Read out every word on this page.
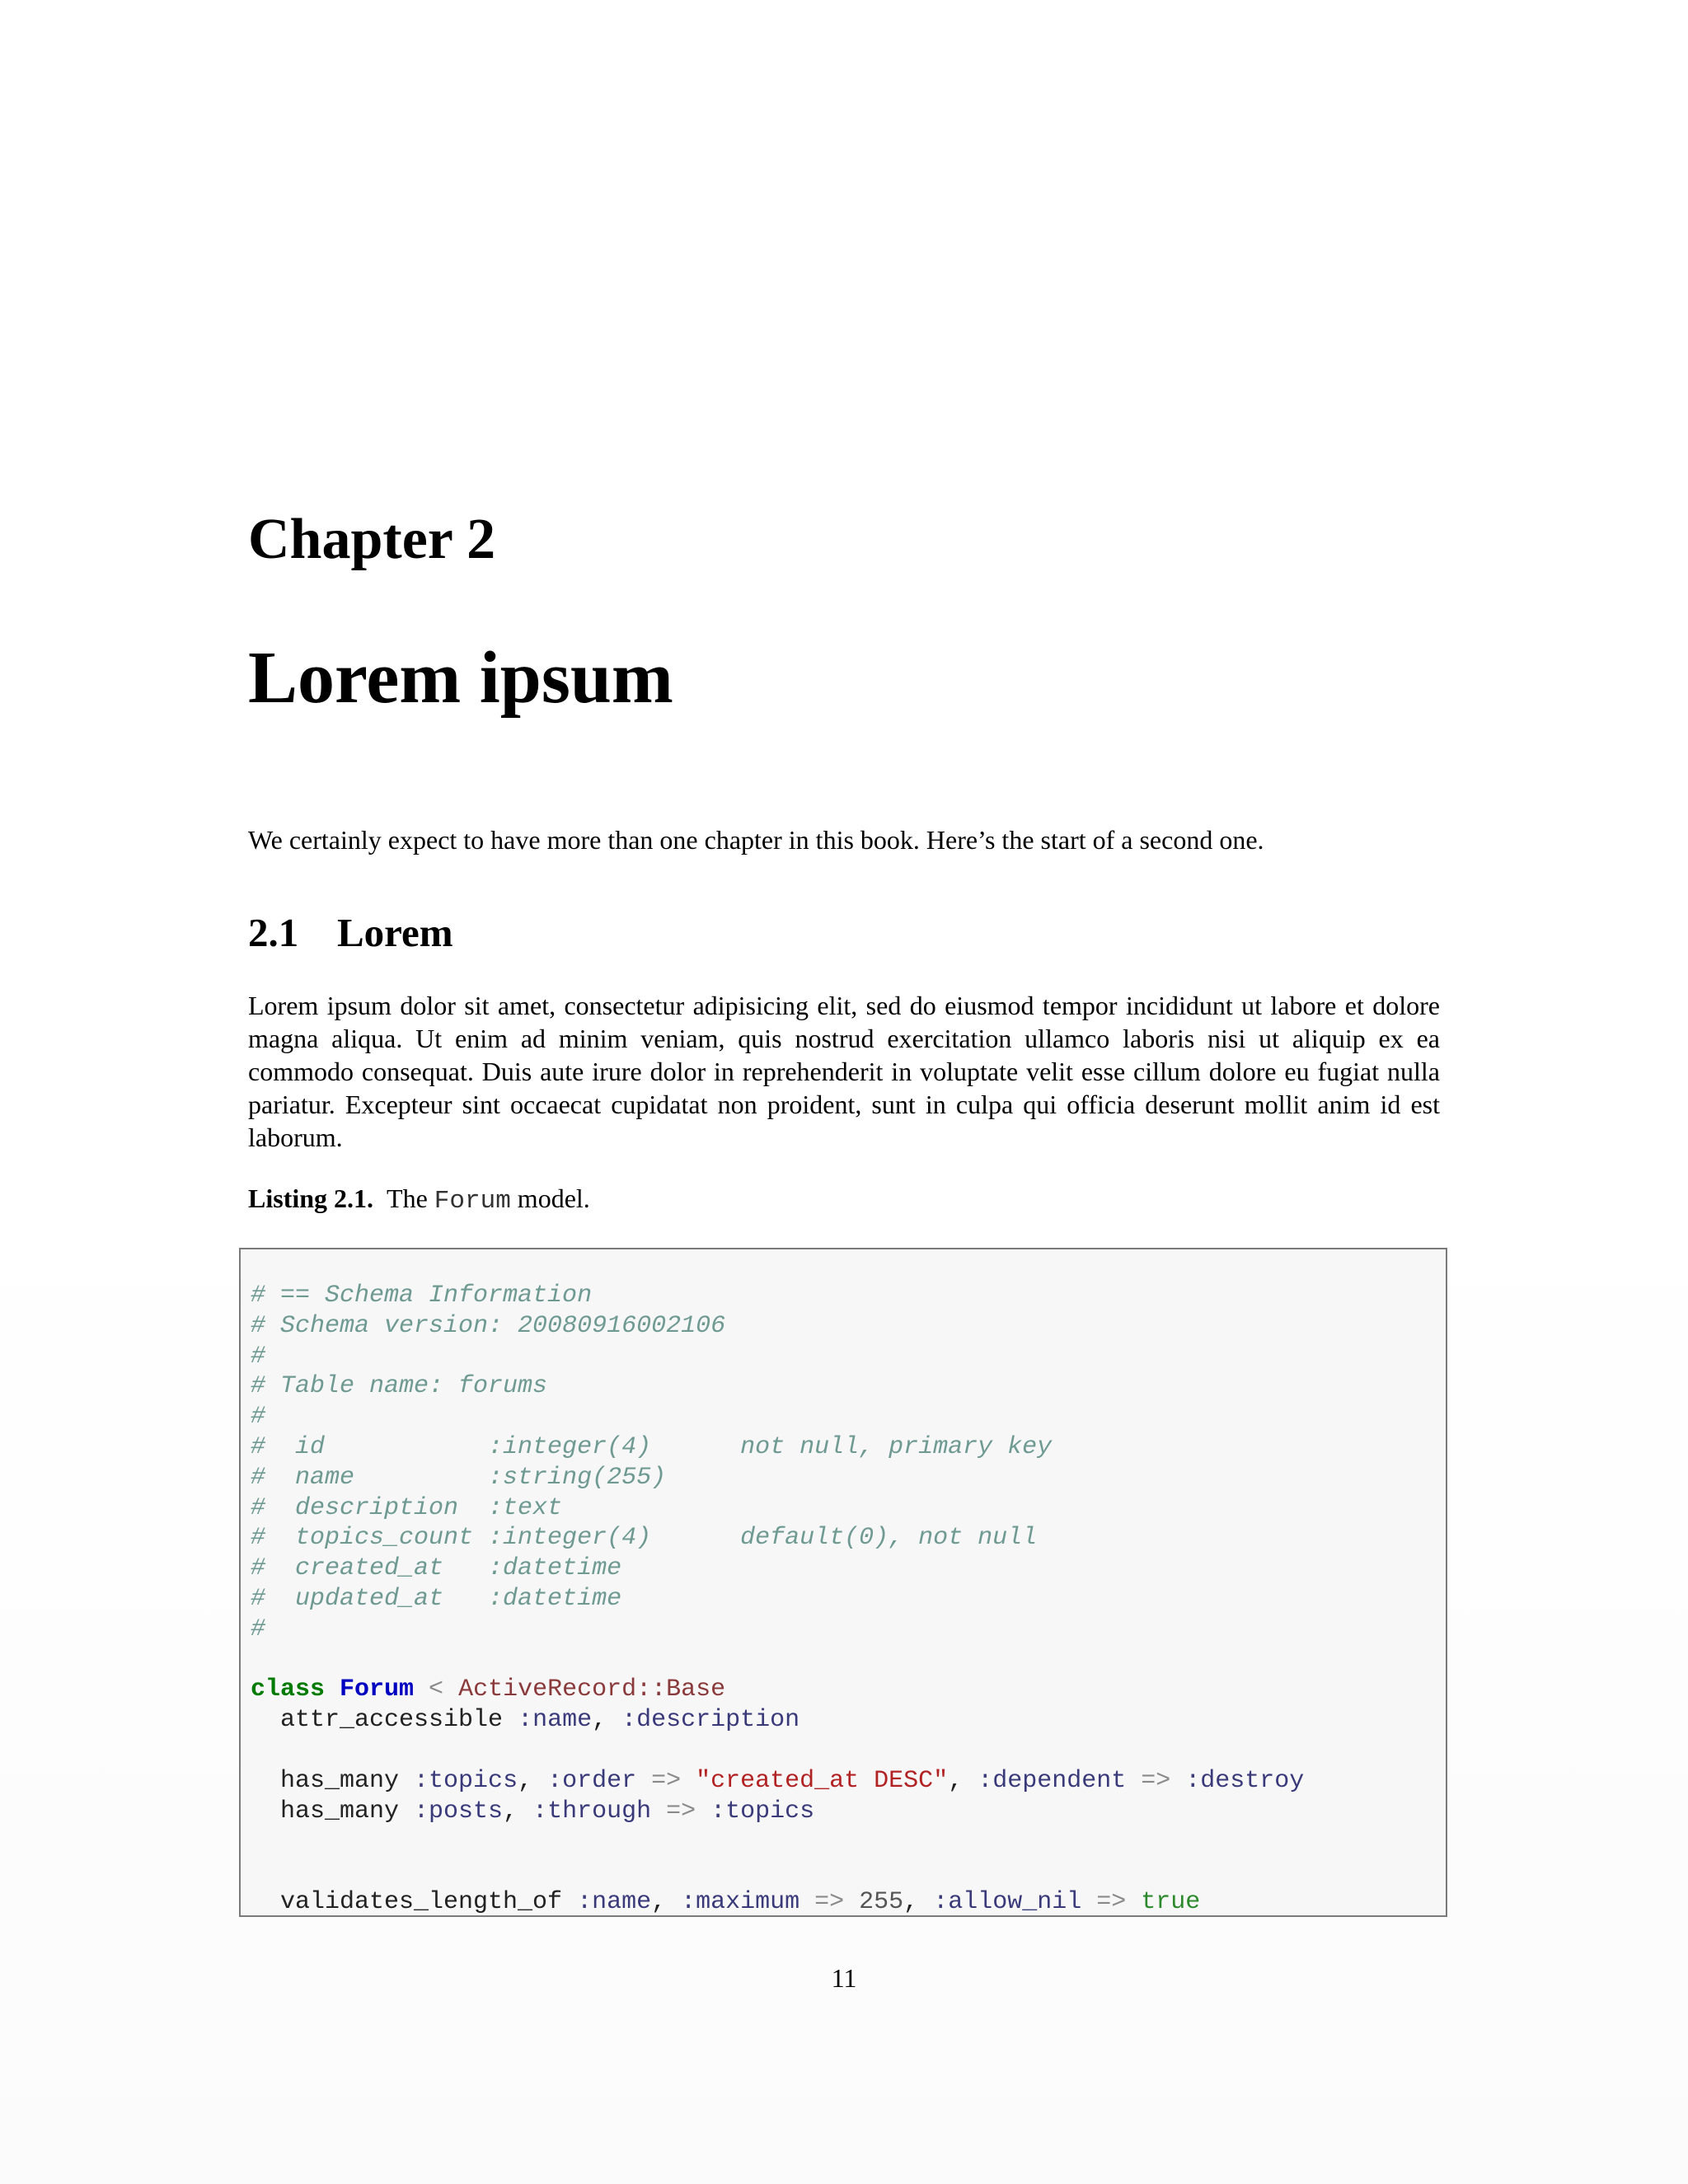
Chapter 2
Lorem ipsum

We certainly expect to have more than one chapter in this book. Here’s the start of a second one.

2.1 Lorem

Lorem ipsum dolor sit amet, consectetur adipisicing elit, sed do eiusmod tempor incididunt ut labore et dolore magna aliqua. Ut enim ad minim veniam, quis nostrud exercitation ullamco laboris nisi ut aliquip ex ea commodo consequat. Duis aute irure dolor in reprehenderit in voluptate velit esse cillum dolore eu fugiat nulla pariatur. Excepteur sint occaecat cupidatat non proident, sunt in culpa qui officia deserunt mollit anim id est laborum.

Listing 2.1. The Forum model.

# == Schema Information
# Schema version: 20080916002106
#
# Table name: forums
#
#  id           :integer(4)      not null, primary key
#  name         :string(255)
#  description  :text
#  topics_count :integer(4)      default(0), not null
#  created_at   :datetime
#  updated_at   :datetime
#
class Forum < ActiveRecord::Base
attr_accessible :name, :description
has_many :topics, :order => "created_at DESC", :dependent => :destroy
has_many :posts, :through => :topics
validates_length_of :name, :maximum => 255, :allow_nil => true

11
